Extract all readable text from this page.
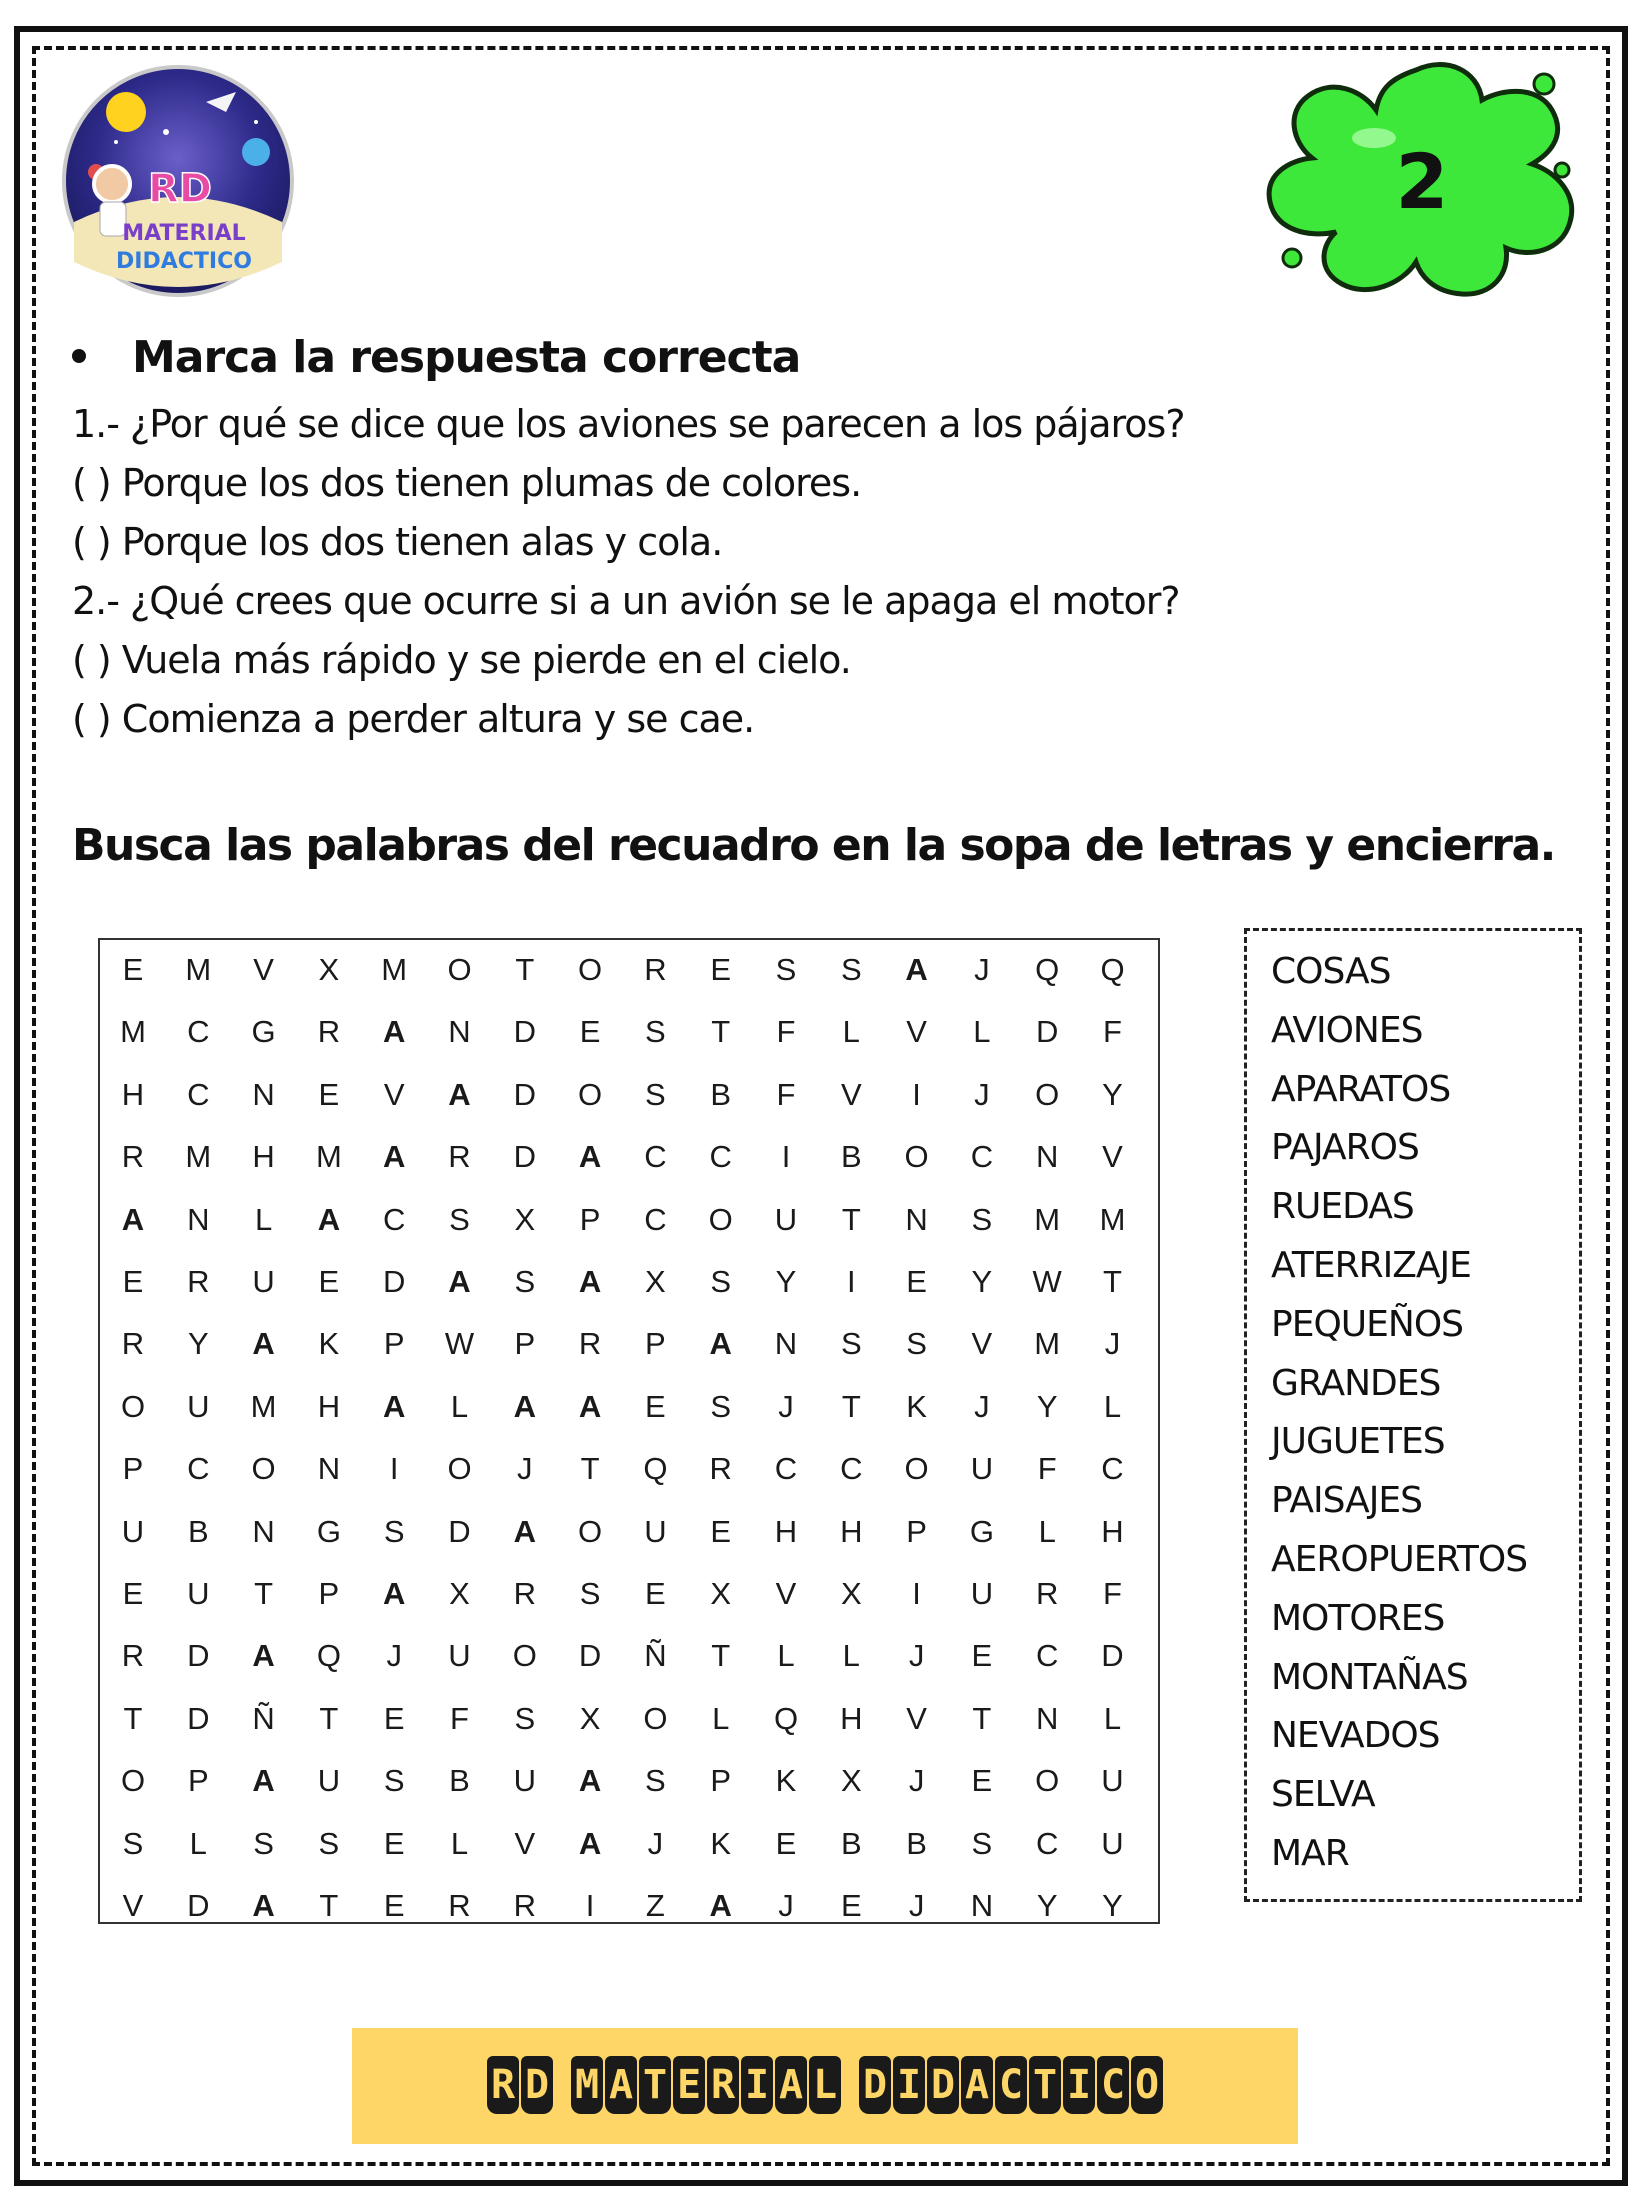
RD
MATERIAL
DIDACTICO
2
Marca la respuesta correcta
1.- ¿Por qué se dice que los aviones se parecen a los pájaros?
( ) Porque los dos tienen plumas de colores.
( ) Porque los dos tienen alas y cola.
2.- ¿Qué crees que ocurre si a un avión se le apaga el motor?
( ) Vuela más rápido y se pierde en el cielo.
( ) Comienza a perder altura y se cae.
Busca las palabras del recuadro en la sopa de letras y encierra.
E	M	V	X	M	O	T	O	R	E	S	S	A	J	Q	Q
M	C	G	R	A	N	D	E	S	T	F	L	V	L	D	F
H	C	N	E	V	A	D	O	S	B	F	V	I	J	O	Y
R	M	H	M	A	R	D	A	C	C	I	B	O	C	N	V
A	N	L	A	C	S	X	P	C	O	U	T	N	S	M	M
E	R	U	E	D	A	S	A	X	S	Y	I	E	Y	W	T
R	Y	A	K	P	W	P	R	P	A	N	S	S	V	M	J
O	U	M	H	A	L	A	A	E	S	J	T	K	J	Y	L
P	C	O	N	I	O	J	T	Q	R	C	C	O	U	F	C
U	B	N	G	S	D	A	O	U	E	H	H	P	G	L	H
E	U	T	P	A	X	R	S	E	X	V	X	I	U	R	F
R	D	A	Q	J	U	O	D	Ñ	T	L	L	J	E	C	D
T	D	Ñ	T	E	F	S	X	O	L	Q	H	V	T	N	L
O	P	A	U	S	B	U	A	S	P	K	X	J	E	O	U
S	L	S	S	E	L	V	A	J	K	E	B	B	S	C	U
V	D	A	T	E	R	R	I	Z	A	J	E	J	N	Y	Y
COSAS
AVIONES
APARATOS
PAJAROS
RUEDAS
ATERRIZAJE
PEQUEÑOS
GRANDES
JUGUETES
PAISAJES
AEROPUERTOS
MOTORES
MONTAÑAS
NEVADOS
SELVA
MAR
R D M A T E R I A L D I D A C T I C O
